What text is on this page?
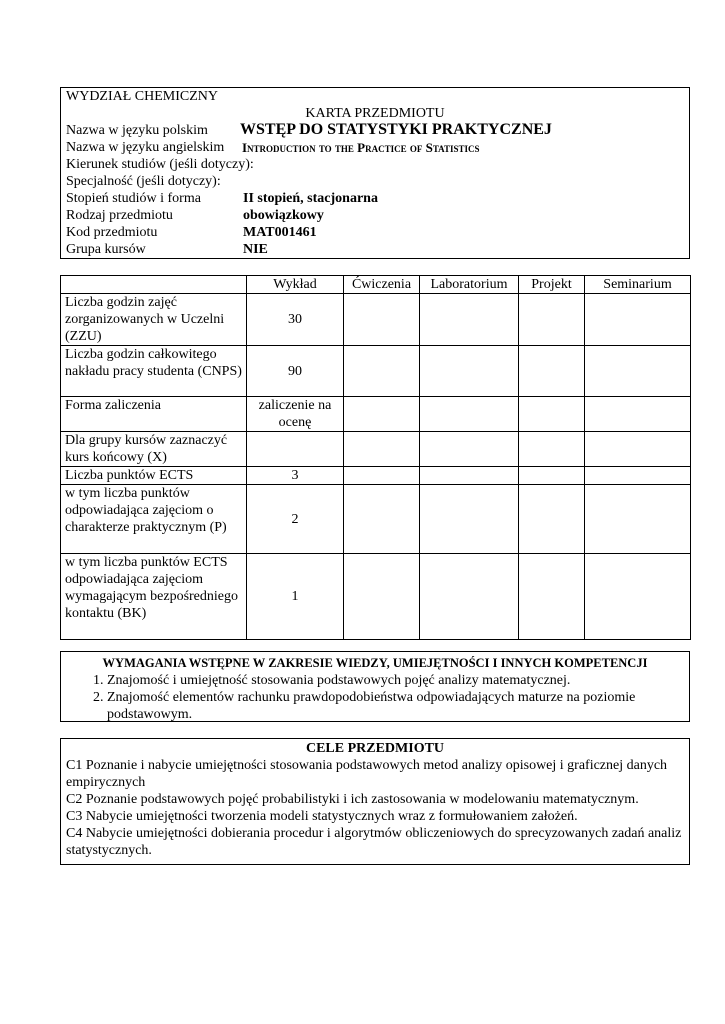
WYDZIAŁ CHEMICZNY
KARTA PRZEDMIOTU
Nazwa w języku polskim WSTĘP DO STATYSTYKI PRAKTYCZNEJ
Nazwa w języku angielskim Introduction to the Practice of Statistics
Kierunek studiów (jeśli dotyczy):
Specjalność (jeśli dotyczy):
Stopień studiów i forma	II stopień, stacjonarna
Rodzaj przedmiotu	obowiązkowy
Kod przedmiotu	MAT001461
Grupa kursów	NIE
	Wykład	Ćwiczenia	Laboratorium	Projekt	Seminarium
Liczba godzin zajęć zorganizowanych w Uczelni (ZZU)	30				
Liczba godzin całkowitego nakładu pracy studenta (CNPS)	90				
Forma zaliczenia	zaliczenie na ocenę				
Dla grupy kursów zaznaczyć kurs końcowy (X)					
Liczba punktów ECTS	3				
w tym liczba punktów odpowiadająca zajęciom o charakterze praktycznym (P)	2				
w tym liczba punktów ECTS odpowiadająca zajęciom wymagającym bezpośredniego kontaktu (BK)	1				
WYMAGANIA WSTĘPNE W ZAKRESIE WIEDZY, UMIEJĘTNOŚCI I INNYCH KOMPETENCJI
1. Znajomość i umiejętność stosowania podstawowych pojęć analizy matematycznej.
2. Znajomość elementów rachunku prawdopodobieństwa odpowiadających maturze na poziomie podstawowym.
CELE PRZEDMIOTU

C1 Poznanie i nabycie umiejętności stosowania podstawowych metod analizy opisowej i graficznej danych empirycznych

C2 Poznanie podstawowych pojęć probabilistyki i ich zastosowania w modelowaniu matematycznym.

C3 Nabycie umiejętności tworzenia modeli statystycznych wraz z formułowaniem założeń.

C4 Nabycie umiejętności dobierania procedur i algorytmów obliczeniowych do sprecyzowanych zadań analiz statystycznych.
